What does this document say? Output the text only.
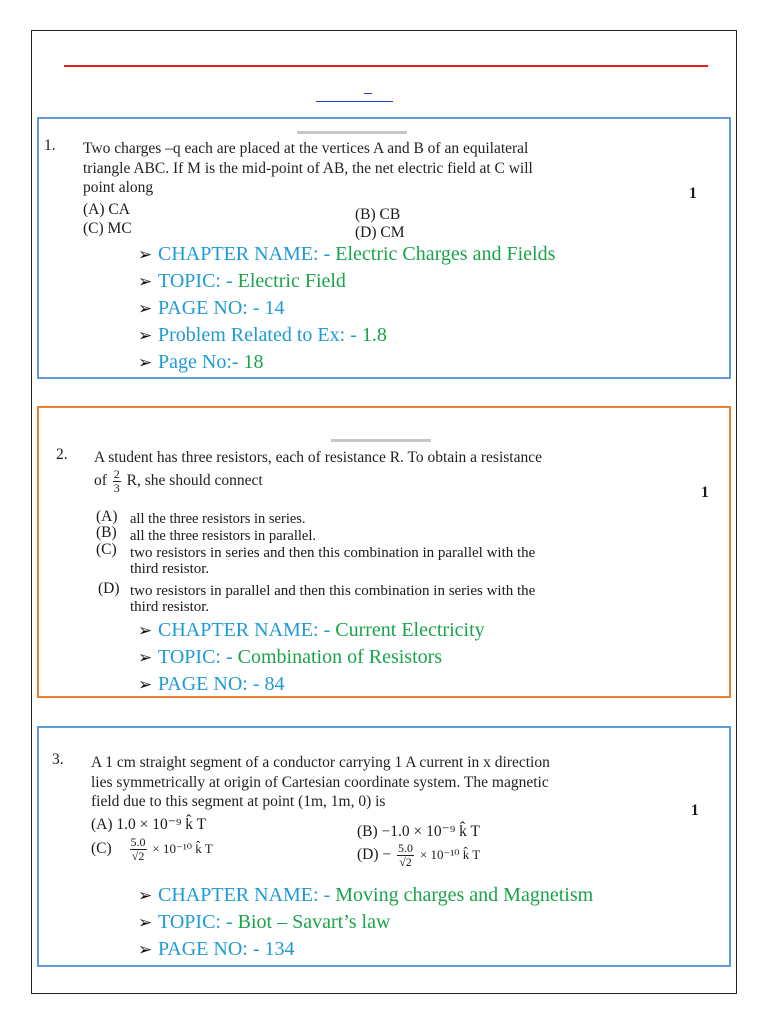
1. Two charges –q each are placed at the vertices A and B of an equilateral
triangle ABC. If M is the mid-point of AB, the net electric field at C will
point along	1
(A) CA	(B) CB
(C) MC	(D) CM
➢ CHAPTER NAME: - Electric Charges and Fields
➢ TOPIC: - Electric Field
➢ PAGE NO: - 14
➢ Problem Related to Ex: - 1.8
➢ Page No:- 18
2. A student has three resistors, each of resistance R. To obtain a resistance
of $\frac{2}{3} R$, she should connect
1
(A) all the three resistors in series.
(B) all the three resistors in parallel.
(C) two resistors in series and then this combination in parallel with the
third resistor.
(D) two resistors in parallel and then this combination in series with the
third resistor.
➢ CHAPTER NAME: - Current Electricity
➢ TOPIC: - Combination of Resistors
➢ PAGE NO: - 84
3. A 1 cm straight segment of a conductor carrying 1 A current in x direction
lies symmetrically at origin of Cartesian coordinate system. The magnetic
field due to this segment at point (1m, 1m, 0) is
1
(A) 1.0 × 10⁻⁹ k̂ T	(B) −1.0 × 10⁻⁹ k̂ T
$(C) \frac{5.0}{√2} \times 10^{-10}$ k̂ T	$(D) - \frac{5.0}{√2} \times 10^{-10}$ k̂ T
➢ CHAPTER NAME: - Moving charges and Magnetism
➢ TOPIC: - Biot – Savart’s law
➢ PAGE NO: - 134
